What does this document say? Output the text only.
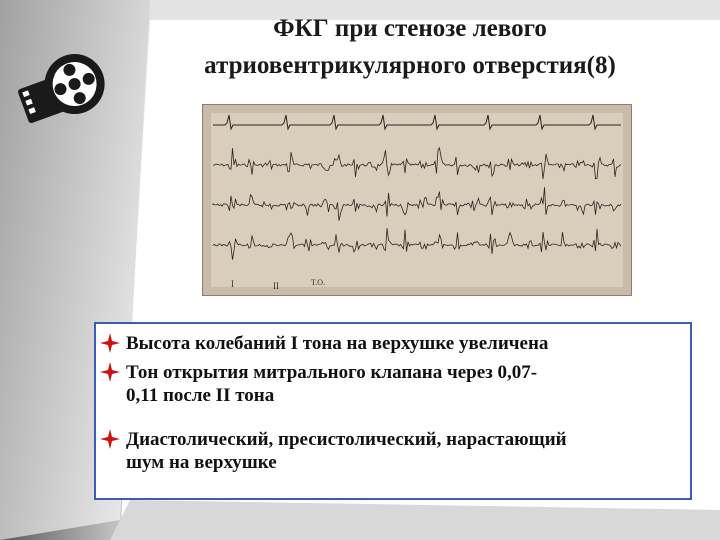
ФКГ при стенозе левого
атриовентрикулярного отверстия(8)
I	II	T.O.
Высота колебаний I тона на верхушке увеличена
Тон открытия митрального клапана через 0,07-
0,11 после II тона
Диастолический, пресистолический, нарастающий
шум на верхушке
